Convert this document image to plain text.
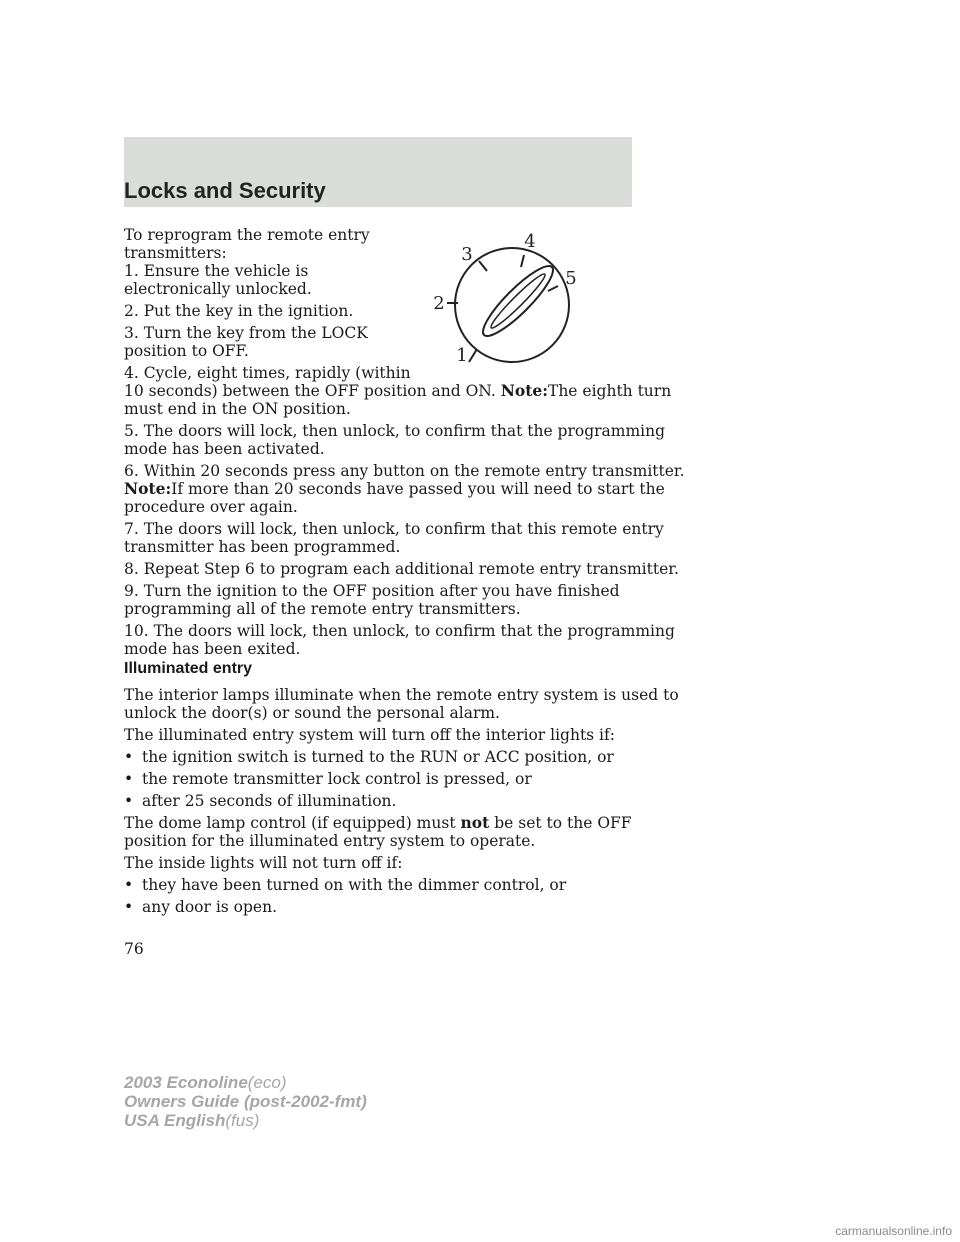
Locks and Security

To reprogram the remote entry

transmitters:

1. Ensure the vehicle is

electronically unlocked.

2. Put the key in the ignition.

3. Turn the key from the LOCK

position to OFF.

4. Cycle, eight times, rapidly (within

10 seconds) between the OFF position and ON. Note:The eighth turn

must end in the ON position.

5. The doors will lock, then unlock, to confirm that the programming

mode has been activated.

6. Within 20 seconds press any button on the remote entry transmitter.

Note:If more than 20 seconds have passed you will need to start the

procedure over again.

7. The doors will lock, then unlock, to confirm that this remote entry

transmitter has been programmed.

8. Repeat Step 6 to program each additional remote entry transmitter.

9. Turn the ignition to the OFF position after you have finished

programming all of the remote entry transmitters.

10. The doors will lock, then unlock, to confirm that the programming

mode has been exited.

1
2
3
4
5
Illuminated entry

The interior lamps illuminate when the remote entry system is used to

unlock the door(s) or sound the personal alarm.

The illuminated entry system will turn off the interior lights if:

• the ignition switch is turned to the RUN or ACC position, or
• the remote transmitter lock control is pressed, or
• after 25 seconds of illumination.

The dome lamp control (if equipped) must not be set to the OFF

position for the illuminated entry system to operate.

The inside lights will not turn off if:

• they have been turned on with the dimmer control, or
• any door is open.
76
2003 Econoline(eco)
Owners Guide (post-2002-fmt)
USA English(fus)
carmanualsonline.info
